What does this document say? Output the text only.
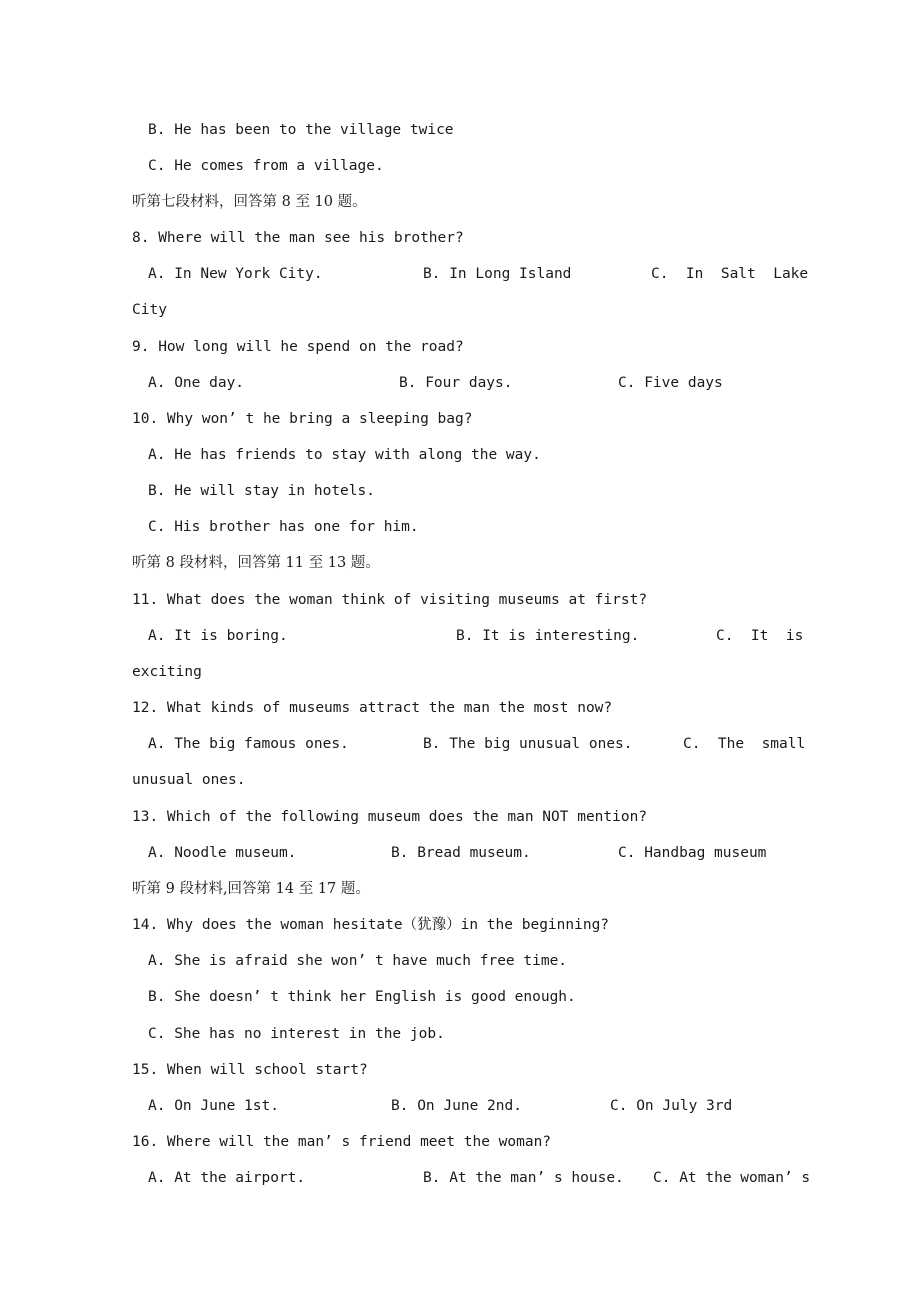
B. He has been to the village twice
C. He comes from a village.
听第七段材料，回答第 8 至 10 题。
8. Where will the man see his brother?
A. In New York City.	B. In Long Island	C.  In  Salt  Lake
City
9. How long will he spend on the road?
A. One day.	B. Four days.	C. Five days
10. Why won’ t he bring a sleeping bag?
A. He has friends to stay with along the way.
B. He will stay in hotels.
C. His brother has one for him.
听第 8 段材料，回答第 11 至 13 题。
11. What does the woman think of visiting museums at first?
A. It is boring.	B. It is interesting.	C.  It  is
exciting
12. What kinds of museums attract the man the most now?
A. The big famous ones.	B. The big unusual ones.	C.  The  small
unusual ones.
13. Which of the following museum does the man NOT mention?
A. Noodle museum.	B. Bread museum.	C. Handbag museum
听第 9 段材料,回答第 14 至 17 题。
14. Why does the woman hesitate（犹豫）in the beginning?
A. She is afraid she won’ t have much free time.
B. She doesn’ t think her English is good enough.
C. She has no interest in the job.
15. When will school start?
A. On June 1st.	B. On June 2nd.	C. On July 3rd
16. Where will the man’ s friend meet the woman?
A. At the airport.	B. At the man’ s house. C. At the woman’ s
